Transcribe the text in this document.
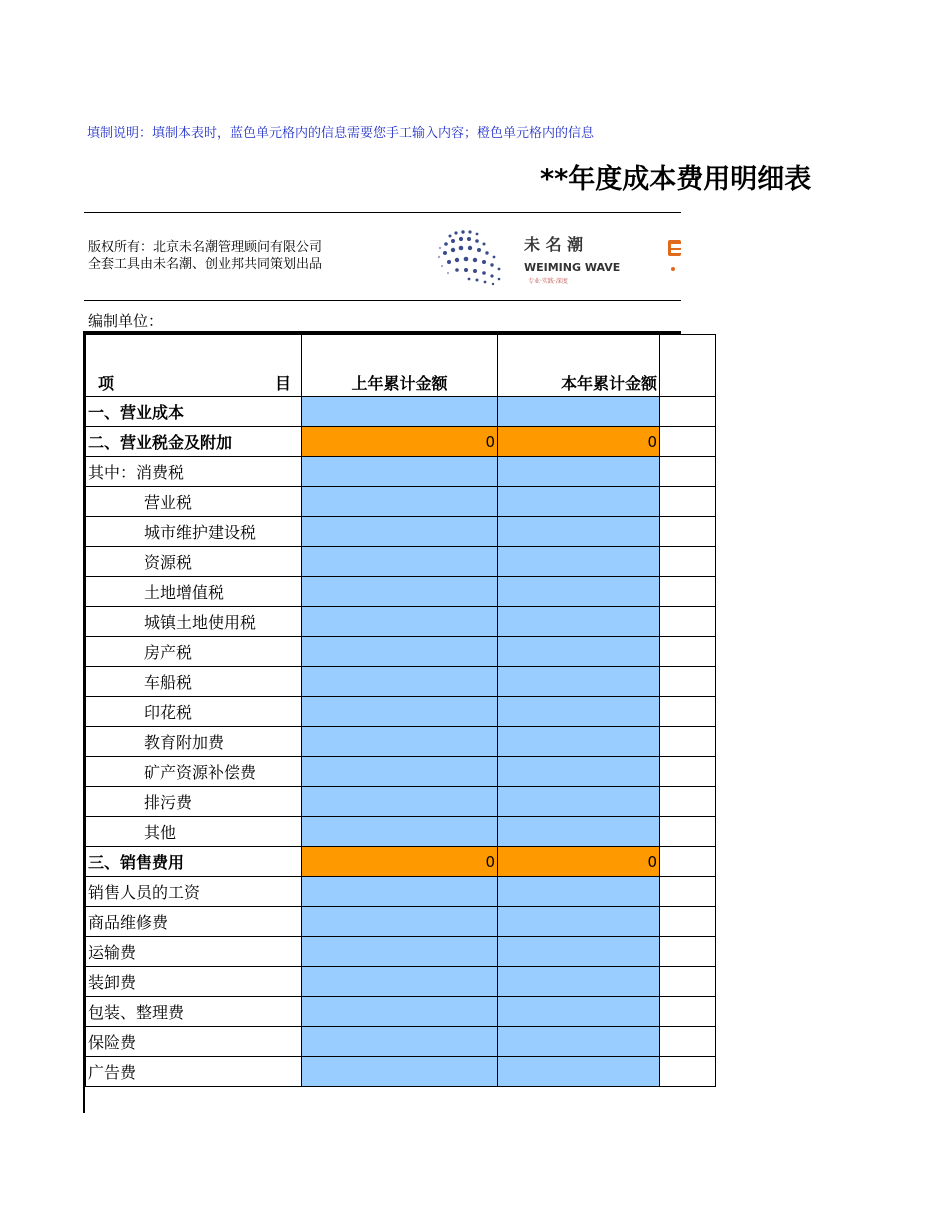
填制说明：填制本表时，蓝色单元格内的信息需要您手工输入内容；橙色单元格内的信息
**年度成本费用明细表
版权所有：北京未名潮管理顾问有限公司
全套工具由未名潮、创业邦共同策划出品
未 名 潮
WEIMING WAVE
专业·实践·深度
编制单位：
项 目	上年累计金额	本年累计金额	
一、营业成本			
二、营业税金及附加	0	0	
其中：消费税			
营业税			
城市维护建设税			
资源税			
土地增值税			
城镇土地使用税			
房产税			
车船税			
印花税			
教育附加费			
矿产资源补偿费			
排污费			
其他			
三、销售费用	0	0	
销售人员的工资			
商品维修费			
运输费			
装卸费			
包装、整理费			
保险费			
广告费			
